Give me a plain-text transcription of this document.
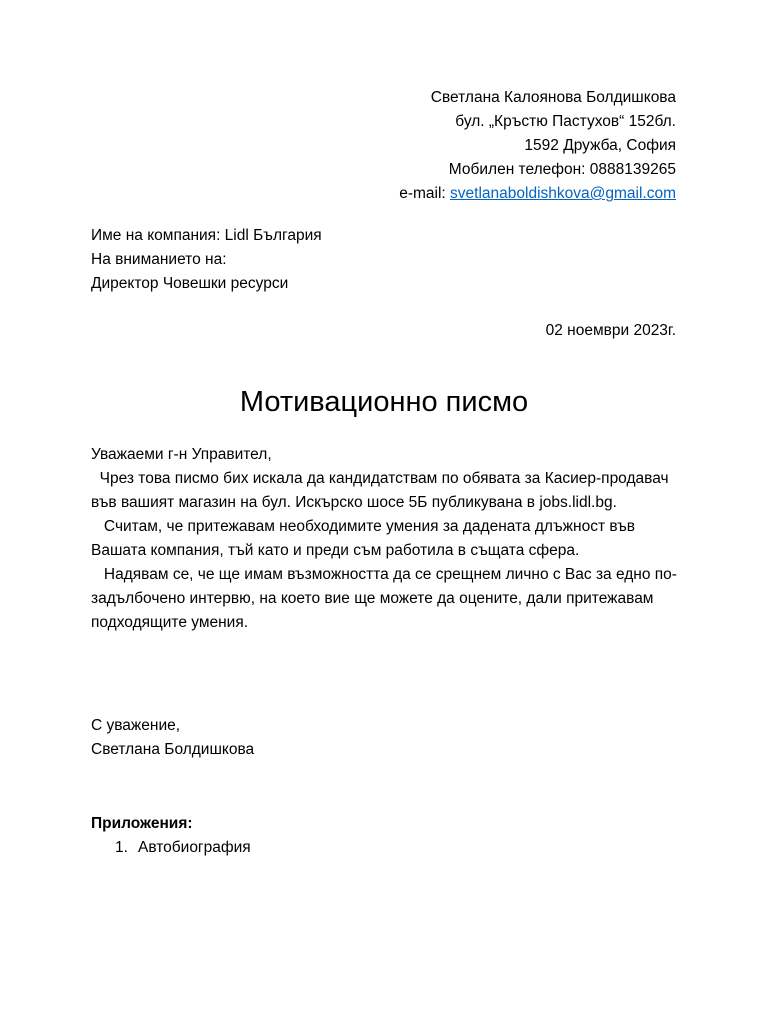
Светлана Калоянова Болдишкова
бул. „Кръстю Пастухов“ 152бл.
1592 Дружба, София
Мобилен телефон: 0888139265
e-mail: svetlanaboldishkova@gmail.com
Име на компания: Lidl България
На вниманието на:
Директор Човешки ресурси
02 ноември 2023г.
Мотивационно писмо

Уважаеми г-н Управител,

Чрез това писмо бих искала да кандидатствам по обявата за Касиер-продавач във вашият магазин на бул. Искърско шосе 5Б публикувана в jobs.lidl.bg.

Считам, че притежавам необходимите умения за дадената длъжност във Вашата компания, тъй като и преди съм работила в същата сфера.

Надявам се, че ще имам възможността да се срещнем лично с Вас за едно по-задълбочено интервю, на което вие ще можете да оцените, дали притежавам подходящите умения.

С уважение,
Светлана Болдишкова
Приложения:
1. Автобиография
